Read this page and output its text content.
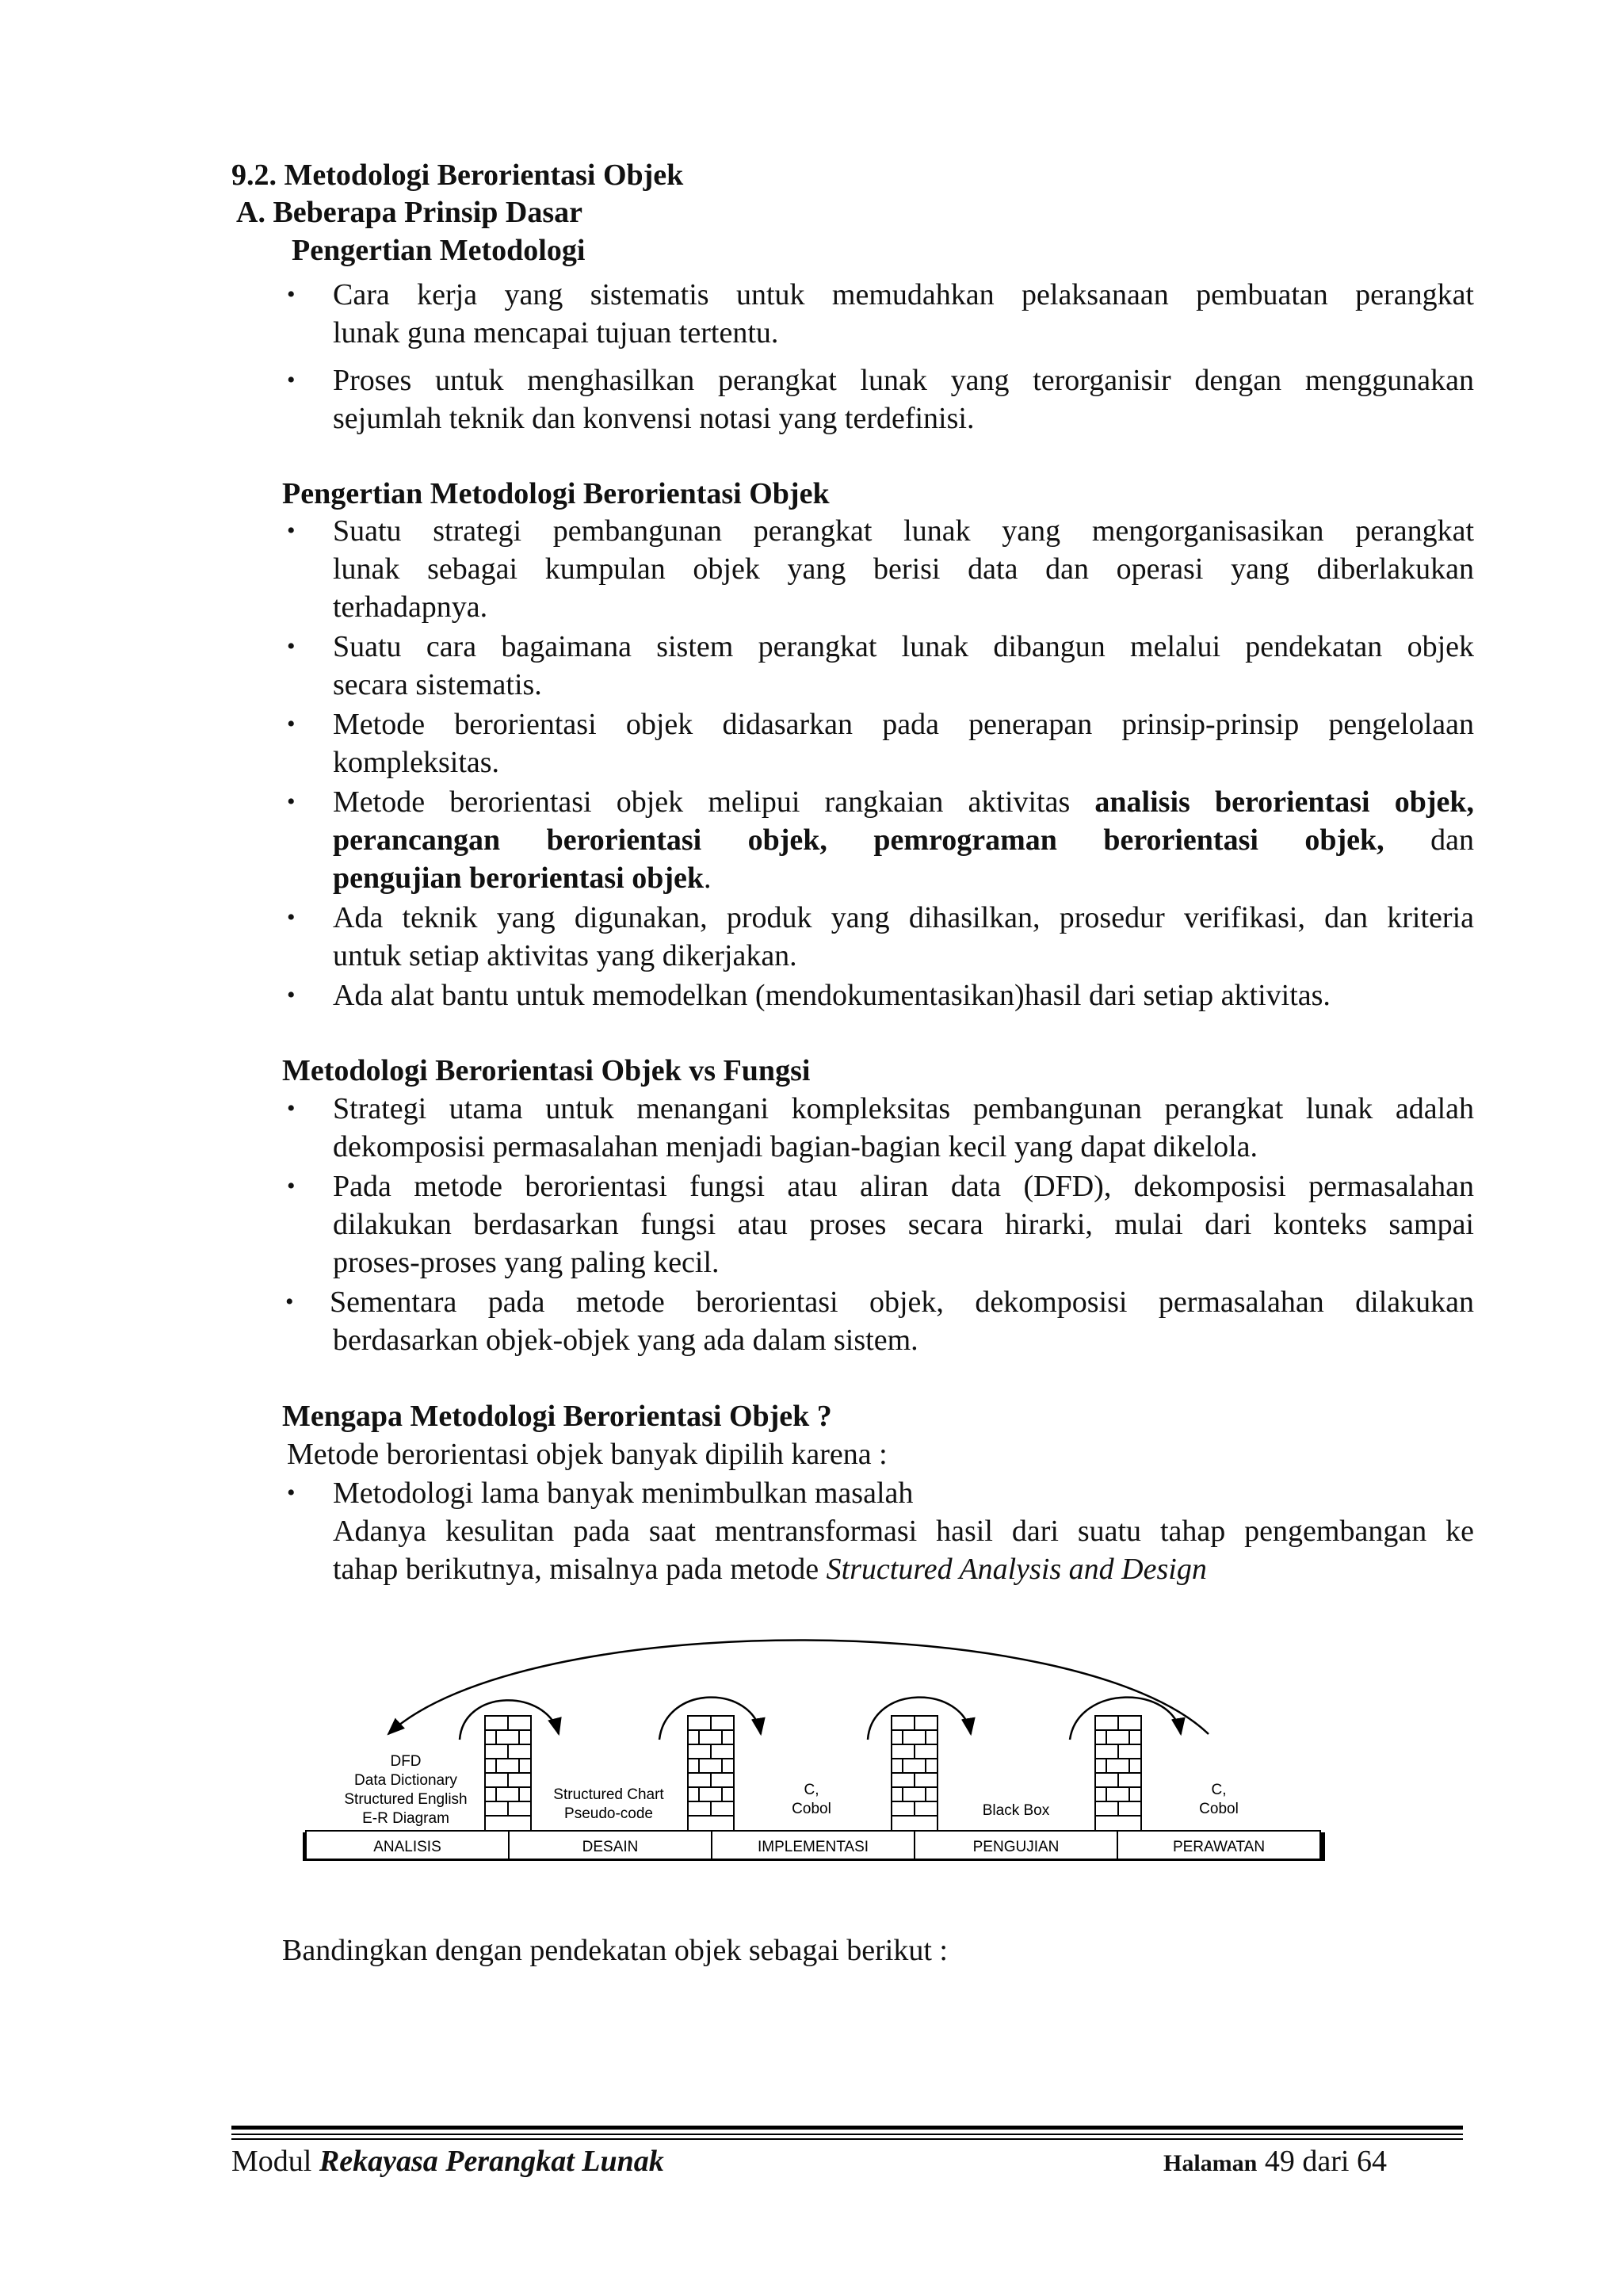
9.2. Metodologi Berorientasi Objek
A. Beberapa Prinsip Dasar
Pengertian Metodologi
• Cara kerja yang sistematis untuk memudahkan pelaksanaan pembuatan perangkat
lunak guna mencapai tujuan tertentu.
• Proses untuk menghasilkan perangkat lunak yang terorganisir dengan menggunakan
sejumlah teknik dan konvensi notasi yang terdefinisi.
Pengertian Metodologi Berorientasi Objek
• Suatu strategi pembangunan perangkat lunak yang mengorganisasikan perangkat
lunak sebagai kumpulan objek yang berisi data dan operasi yang diberlakukan
terhadapnya.
• Suatu cara bagaimana sistem perangkat lunak dibangun melalui pendekatan objek
secara sistematis.
• Metode berorientasi objek didasarkan pada penerapan prinsip-prinsip pengelolaan
kompleksitas.
• Metode berorientasi objek melipui rangkaian aktivitas analisis berorientasi objek,
perancangan berorientasi objek, pemrograman berorientasi objek, dan
pengujian berorientasi objek.
• Ada teknik yang digunakan, produk yang dihasilkan, prosedur verifikasi, dan kriteria
untuk setiap aktivitas yang dikerjakan.
• Ada alat bantu untuk memodelkan (mendokumentasikan)hasil dari setiap aktivitas.
Metodologi Berorientasi Objek vs Fungsi
• Strategi utama untuk menangani kompleksitas pembangunan perangkat lunak adalah
dekomposisi permasalahan menjadi bagian-bagian kecil yang dapat dikelola.
• Pada metode berorientasi fungsi atau aliran data (DFD), dekomposisi permasalahan
dilakukan berdasarkan fungsi atau proses secara hirarki, mulai dari konteks sampai
proses-proses yang paling kecil.
• Sementara pada metode berorientasi objek, dekomposisi permasalahan dilakukan
berdasarkan objek-objek yang ada dalam sistem.
Mengapa Metodologi Berorientasi Objek ?
Metode berorientasi objek banyak dipilih karena :
• Metodologi lama banyak menimbulkan masalah
Adanya kesulitan pada saat mentransformasi hasil dari suatu tahap pengembangan ke
tahap berikutnya, misalnya pada metode Structured Analysis and Design
ANALISIS	DESAIN	IMPLEMENTASI	PENGUJIAN	PERAWATAN
DFD
Data Dictionary
Structured English
E-R Diagram
Structured Chart
Pseudo-code
C,
Cobol	Black Box
C,
Cobol
Bandingkan dengan pendekatan objek sebagai berikut :
Modul Rekayasa Perangkat Lunak	Halaman 49 dari 64
